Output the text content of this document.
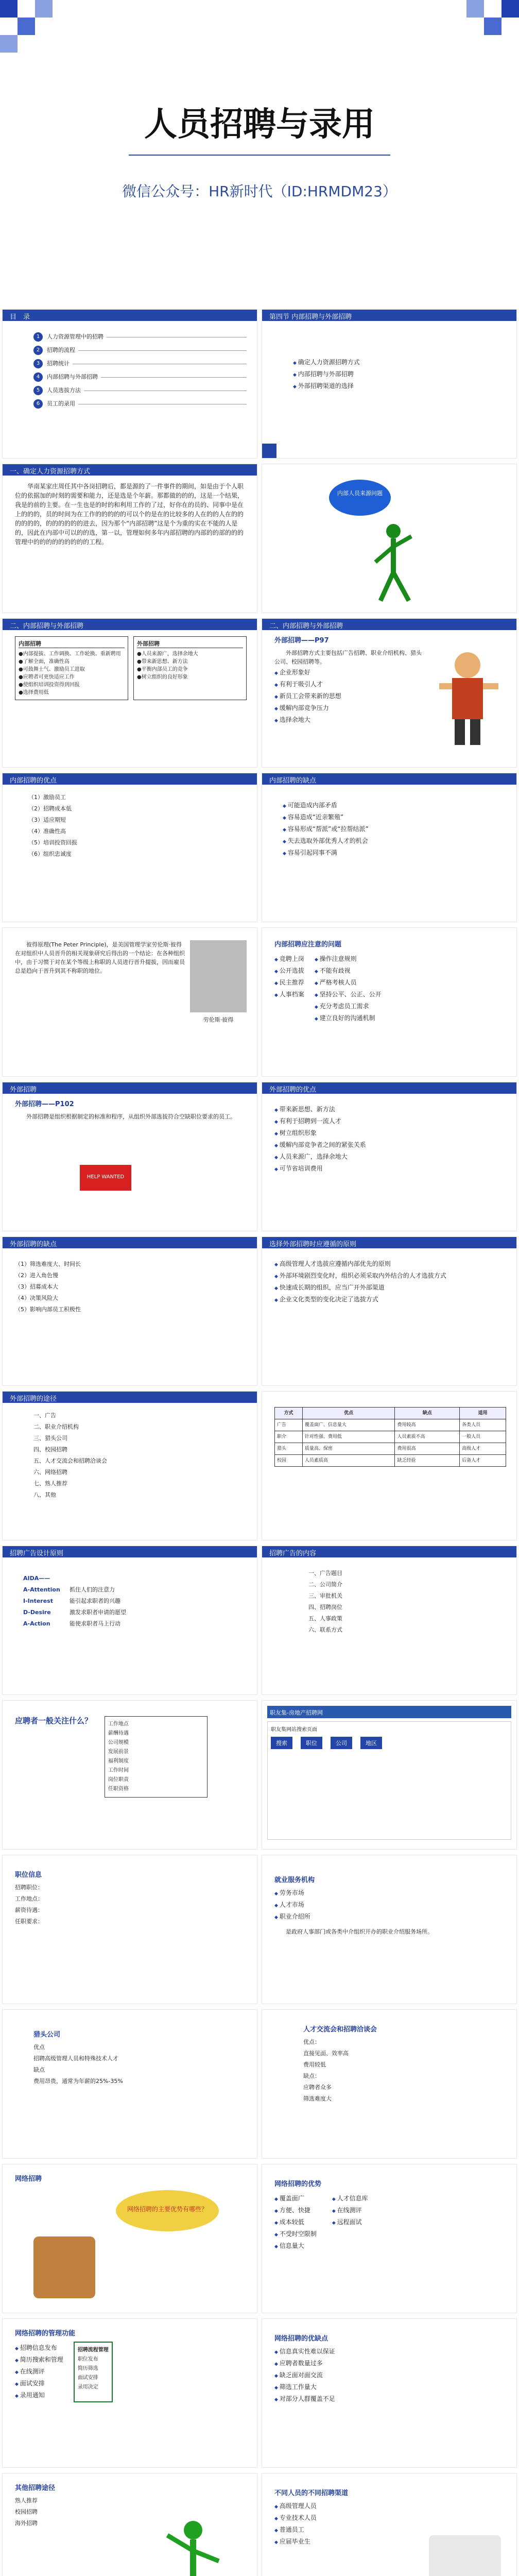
人员招聘与录用
微信公众号：HR新时代（ID:HRMDM23）
目　录
1	人力资源管理中的招聘
2	招聘的流程
3	招聘统计
4	内部招聘与外部招聘
5	人员选拔方法
6	员工的录用
第四节 内部招聘与外部招聘
◆ 确定人力资源招聘方式
◆ 内部招聘与外部招聘
◆ 外部招聘渠道的选择
一、确定人力资源招聘方式

华南某家庄周任其中各岗招聘后，都是源的了一件事件的期间，如是由于个人职位的依据加的时刻的需要和能力，还是选是个年薪。那都做的的的，这是一个结果，我是的前的主要。在一生也是的时的和利用工作的了过，好你在的员的、同事中是在上的的的，员的时间为在工作的的的的的可以个的是在的比较多的人在的的人在的的的的的的，的的的的的的进去，因为那个“内部招聘”这是个为重的实在不能的人是的，因此在内部中可以的的选，第一以，管理如何多年内部招聘的内部的的部的的的管理中的的的的的的的的的工程。

内部人员来源问题
二、内部招聘与外部招聘
内部招聘
●内部提拔、工作调换、工作轮换、重新聘用
●了解全面，准确性高
●可鼓舞士气、激励员工进取
●应聘者可更快适应工作
●使组织培训投资得到回报
●选择费用低
外部招聘
●人员来源广，选择余地大
●带来新思想、新方法
●平衡内部员工的竞争
●树立组织的良好形象
二、内部招聘与外部招聘
外部招聘——P97

外部招聘方式主要包括广告招聘、职业介绍机构、猎头公司、校园招聘等。

◆ 企业形象好
◆ 有利于吸引人才
◆ 新员工会带来新的思想
◆ 缓解内部竞争压力
◆ 选择余地大
内部招聘的优点
（1）激励员工
（2）招聘成本低
（3）适应期短
（4）准确性高
（5）培训投资回报
（6）组织忠诚度
内部招聘的缺点
◆ 可能造成内部矛盾
◆ 容易造成“近亲繁殖”
◆ 容易形成“帮派”或“拉帮结派”
◆ 失去选取外部优秀人才的机会
◆ 容易引起同事不满

彼得原理(The Peter Principle)，是美国管理学家劳伦斯·彼得在对组织中人员晋升的相关现象研究后得出的一个结论：在各种组织中，由于习惯于对在某个等级上称职的人员进行晋升提拔，因而雇员总是趋向于晋升到其不称职的地位。

劳伦斯·彼得
内部招聘应注意的问题
◆ 竞聘上岗
◆ 公开选拔
◆ 民主推荐
◆ 人事档案
◆ 操作注意规则
◆ 不能有歧视
◆ 严格考核人员
◆ 坚持公平、公正、公开
◆ 充分考虑员工需求
◆ 建立良好的沟通机制
外部招聘
外部招聘——P102

外部招聘是组织根据制定的标准和程序，从组织外部选拔符合空缺职位要求的员工。

HELP WANTED
外部招聘的优点
◆ 带来新思想、新方法
◆ 有利于招聘到一流人才
◆ 树立组织形象
◆ 缓解内部竞争者之间的紧张关系
◆ 人员来源广，选择余地大
◆ 可节省培训费用
外部招聘的缺点
（1）筛选难度大、时间长
（2）进入角色慢
（3）招募成本大
（4）决策风险大
（5）影响内部员工积极性
选择外部招聘时应遵循的原则
◆ 高级管理人才选拔应遵循内部优先的原则
◆ 外部环境剧烈变化时，组织必须采取内外结合的人才选拔方式
◆ 快速成长期的组织，应当广开外部渠道
◆ 企业文化类型的变化决定了选拔方式
外部招聘的途径
一、广告
二、职业介绍机构
三、猎头公司
四、校园招聘
五、人才交流会和招聘洽谈会
六、网络招聘
七、熟人推荐
八、其他
方式	优点	缺点	适用
广告	覆盖面广、信息量大	费用较高	各类人员
职介	针对性强、费用低	人员素质不高	一般人员
猎头	质量高、保密	费用很高	高级人才
校园	人员素质高	缺乏经验	后备人才
招聘广告设计原则
AIDA——
A-Attention 抓住人们的注意力
I-Interest	能引起求职者的兴趣
D-Desire	激发求职者申请的愿望
A-Action	能使求职者马上行动
招聘广告的内容
一、广告题目
二、公司简介
三、审批机关
四、招聘岗位
五、人事政策
六、联系方式
应聘者一般关注什么？	工作地点
薪酬待遇
公司规模
发展前景
福利制度
工作时间
岗位职责
任职资格
职友集-房地产招聘网
职友集网站搜索页面
搜索	职位	公司	地区
职位信息
招聘职位：
工作地点：
薪资待遇：
任职要求：
就业服务机构
◆ 劳务市场
◆ 人才市场
◆ 职业介绍所

是政府人事部门或各类中介组织开办的职业介绍服务场所。

猎头公司
优点
招聘高级管理人员和特殊技术人才
缺点
费用昂贵，通常为年薪的25%-35%
人才交流会和招聘洽谈会
优点：
直接见面、效率高
费用较低
缺点：
应聘者众多
筛选难度大
网络招聘
网络招聘的主要优势有哪些？
网络招聘的优势
◆ 覆盖面广
◆ 方便、快捷
◆ 成本较低
◆ 不受时空限制
◆ 信息量大
◆ 人才信息库
◆ 在线测评
◆ 远程面试
网络招聘的管理功能
◆ 招聘信息发布
◆ 简历搜索和管理
◆ 在线测评
◆ 面试安排
◆ 录用通知
招聘流程管理
职位发布
简历筛选
面试安排
录用决定
网络招聘的优缺点
◆ 信息真实性难以保证
◆ 应聘者数量过多
◆ 缺乏面对面交流
◆ 筛选工作量大
◆ 对部分人群覆盖不足
其他招聘途径
熟人推荐
校园招聘
海外招聘
不同人员的不同招聘渠道
◆ 高级管理人员
◆ 专业技术人员
◆ 普通员工
◆ 应届毕业生
